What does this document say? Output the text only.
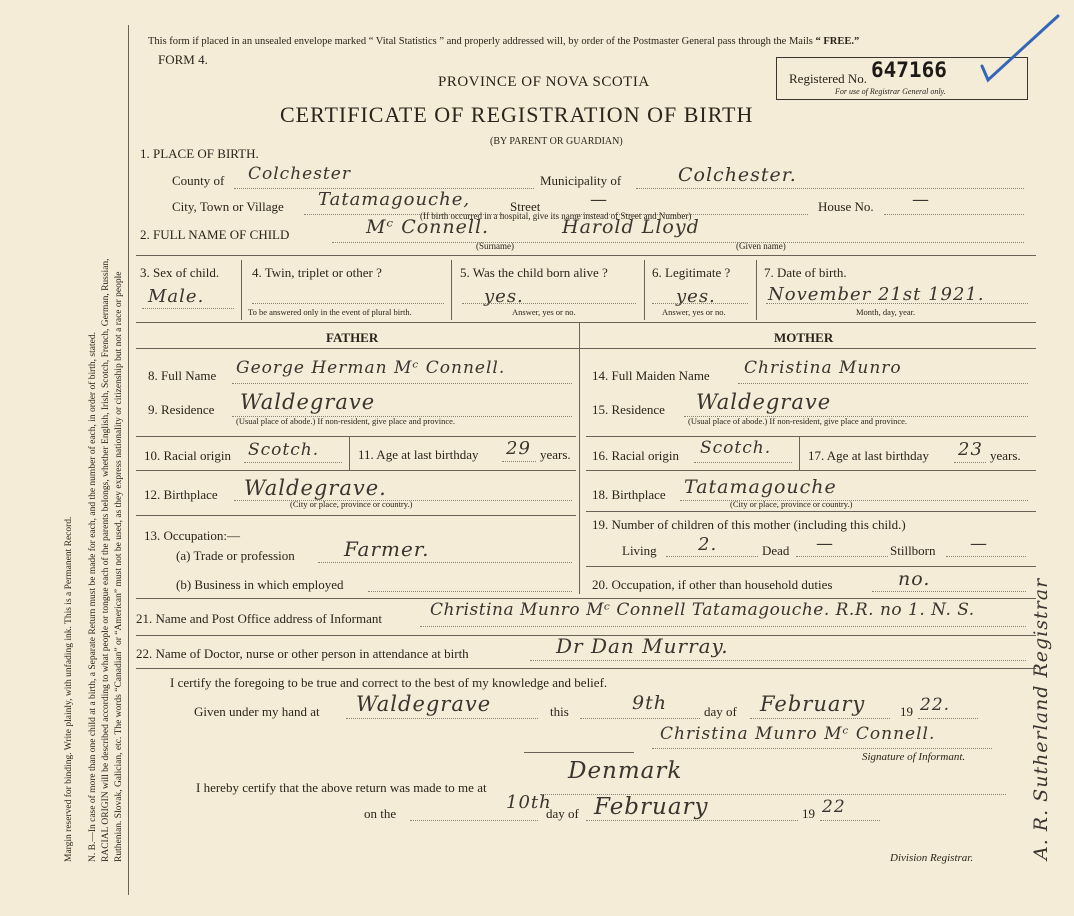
Margin reserved for binding. Write plainly, with unfading ink. This is a Permanent Record. N. B.—In case of more than one child at a birth, a Separate Return must be made for each, and the number of each, in order of birth, stated. RACIAL ORIGIN will be described according to what people or tongue each of the parents belongs, whether English, Irish, Scotch, French, German, Russian, Ruthenian. Slovak, Galician, etc. The words “Canadian” or “American” must not be used, as they express nationality or citizenship but not a race or people
This form if placed in an unsealed envelope marked “ Vital Statistics ” and properly addressed will, by order of the Postmaster General pass through the Mails “ FREE.”
FORM 4.
PROVINCE OF NOVA SCOTIA
CERTIFICATE OF REGISTRATION OF BIRTH
(BY PARENT OR GUARDIAN)
Registered No. 647166
For use of Registrar General only.
1. PLACE OF BIRTH.
County of Colchester	Municipality of	Colchester.
City, Town or Village Tatamagouche,	Street	—	House No. —
(If birth occurred in a hospital, give its name instead of Street and Number)
2. FULL NAME OF CHILD	Mᶜ Connell.	Harold Lloyd
(Surname)	(Given name)
3. Sex of child.
Male.
4. Twin, triplet or other ?
To be answered only in the event of plural birth.
5. Was the child born alive ?
yes.
Answer, yes or no.
6. Legitimate ?
yes.
Answer, yes or no.
7. Date of birth.
November 21st 1921.
Month, day, year.
FATHER	MOTHER
8. Full Name George Herman Mᶜ Connell.
9. Residence Waldegrave
(Usual place of abode.) If non-resident, give place and province.
10. Racial origin Scotch.	11. Age at last birthday 29 years.
12. Birthplace Waldegrave.
(City or place, province or country.)
13. Occupation:—
(a) Trade or profession Farmer.
(b) Business in which employed
14. Full Maiden Name Christina Munro
15. Residence Waldegrave
(Usual place of abode.) If non-resident, give place and province.
16. Racial origin Scotch.	17. Age at last birthday 23 years.
18. Birthplace Tatamagouche
(City or place, province or country.)
19. Number of children of this mother (including this child.)
Living 2.	Dead —	Stillborn —
20. Occupation, if other than household duties	no.
21. Name and Post Office address of Informant	Christina Munro Mᶜ Connell Tatamagouche. R.R. no 1. N. S.
22. Name of Doctor, nurse or other person in attendance at birth	Dr Dan Murray.
I certify the foregoing to be true and correct to the best of my knowledge and belief.
Given under my hand at Waldegrave	this	9th	day of February	19 22.
Christina Munro Mᶜ Connell.
Signature of Informant.
I hereby certify that the above return was made to me at
Denmark
on the
10th
day of February	19 22
Division Registrar.	A. R. Sutherland Registrar
